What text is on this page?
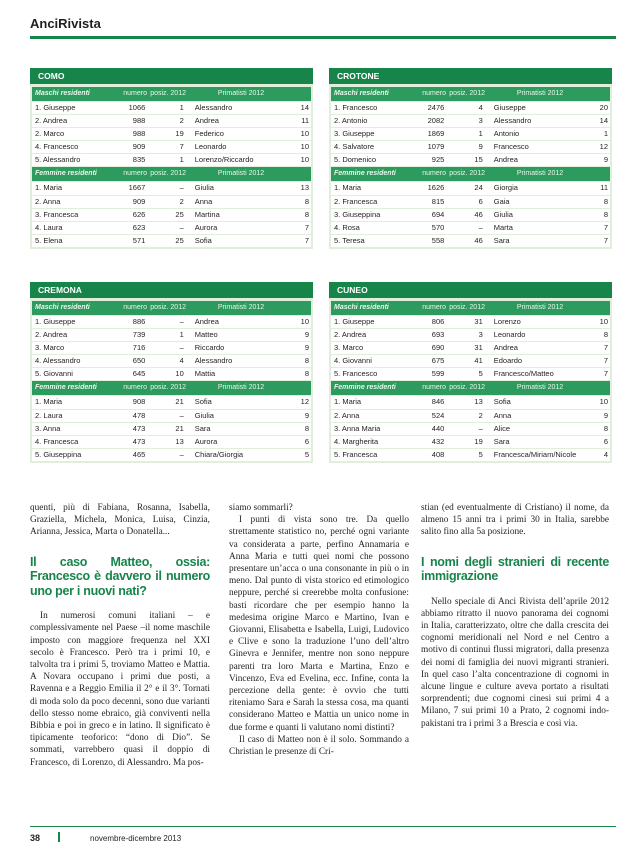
AnciRivista
COMO
Maschi residenti	numero posiz. 2012	Primatisti 2012
1. Giuseppe	1066	1	Alessandro	14
2. Andrea	988	2	Andrea	11
2. Marco	988	19	Federico	10
4. Francesco	909	7	Leonardo	10
5. Alessandro	835	1	Lorenzo/Riccardo	10
Femmine residenti	numero posiz. 2012	Primatisti 2012
1. Maria	1667	–	Giulia	13
2. Anna	909	2	Anna	8
3. Francesca	626	25	Martina	8
4. Laura	623	–	Aurora	7
5. Elena	571	25	Sofia	7
CROTONE
Maschi residenti	numero posiz. 2012	Primatisti 2012
1. Francesco	2476	4	Giuseppe	20
2. Antonio	2082	3	Alessandro	14
3. Giuseppe	1869	1	Antonio	1
4. Salvatore	1079	9	Francesco	12
5. Domenico	925	15	Andrea	9
Femmine residenti	numero posiz. 2012	Primatisti 2012
1. Maria	1626	24	Giorgia	11
2. Francesca	815	6	Gaia	8
3. Giuseppina	694	46	Giulia	8
4. Rosa	570	–	Marta	7
5. Teresa	558	46	Sara	7
CREMONA
Maschi residenti	numero posiz. 2012	Primatisti 2012
1. Giuseppe	886	–	Andrea	10
2. Andrea	739	1	Matteo	9
3. Marco	716	–	Riccardo	9
4. Alessandro	650	4	Alessandro	8
5. Giovanni	645	10	Mattia	8
Femmine residenti	numero posiz. 2012	Primatisti 2012
1. Maria	908	21	Sofia	12
2. Laura	478	–	Giulia	9
3. Anna	473	21	Sara	8
4. Francesca	473	13	Aurora	6
5. Giuseppina	465	–	Chiara/Giorgia	5
CUNEO
Maschi residenti	numero posiz. 2012	Primatisti 2012
1. Giuseppe	806	31	Lorenzo	10
2. Andrea	693	3	Leonardo	8
3. Marco	690	31	Andrea	7
4. Giovanni	675	41	Edoardo	7
5. Francesco	599	5	Francesco/Matteo	7
Femmine residenti	numero posiz. 2012	Primatisti 2012
1. Maria	846	13	Sofia	10
2. Anna	524	2	Anna	9
3. Anna Maria	440	–	Alice	8
4. Margherita	432	19	Sara	6
5. Francesca	408	5	Francesca/Miriam/Nicole	4

quenti, più di Fabiana, Rosanna, Isabella, Graziella, Michela, Monica, Luisa, Cinzia, Arianna, Jessica, Marta o Donatella...

Il caso Matteo, ossia: Francesco è davvero il numero uno per i nuovi nati?

In numerosi comuni italiani – e complessivamente nel Paese –il nome maschile imposto con maggiore frequenza nel XXI secolo è Francesco. Però tra i primi 10, e talvolta tra i primi 5, troviamo Matteo e Mattia. A Novara occupano i primi due posti, a Ravenna e a Reggio Emilia il 2° e il 3°. Tornati di moda solo da poco decenni, sono due varianti dello stesso nome ebraico, già conviventi nella Bibbia e poi in greco e in latino. Il significato è tipicamente teoforico: “dono di Dio”. Se sommati, varrebbero quasi il doppio di Francesco, di Lorenzo, di Alessandro. Ma pos-

siamo sommarli?

I punti di vista sono tre. Da quello strettamente statistico no, perché ogni variante va considerata a parte, perfino Annamaria e Anna Maria e tutti quei nomi che possono presentare un’acca o una consonante in più o in meno. Dal punto di vista storico ed etimologico neppure, perché si creerebbe molta confusione: basti ricordare che per esempio hanno la medesima origine Marco e Martino, Ivan e Giovanni, Elisabetta e Isabella, Luigi, Ludovico e Clive e sono la traduzione l’uno dell’altro Ginevra e Jennifer, mentre non sono neppure parenti tra loro Marta e Martina, Enzo e Vincenzo, Eva ed Evelina, ecc. Infine, conta la percezione della gente: è ovvio che tutti riteniamo Sara e Sarah la stessa cosa, ma quanti considerano Matteo e Mattia un unico nome in due forme e quanti li valutano nomi distinti?

Il caso di Matteo non è il solo. Sommando a Christian le presenze di Cri-

stian (ed eventualmente di Cristiano) il nome, da almeno 15 anni tra i primi 30 in Italia, sarebbe salito fino alla 5a posizione.

I nomi degli stranieri di recente immigrazione

Nello speciale di Anci Rivista dell’aprile 2012 abbiamo ritratto il nuovo panorama dei cognomi in Italia, caratterizzato, oltre che dalla crescita dei cognomi meridionali nel Nord e nel Centro a motivo di continui flussi migratori, dalla presenza dei nomi di famiglia dei nuovi migranti stranieri. In quel caso l’alta concentrazione di cognomi in alcune lingue e culture aveva portato a risultati sorprendenti; due cognomi cinesi sui primi 4 a Milano, 7 sui primi 10 a Prato, 2 cognomi indo-pakistani tra i primi 3 a Brescia e così via.

38	novembre-dicembre 2013
